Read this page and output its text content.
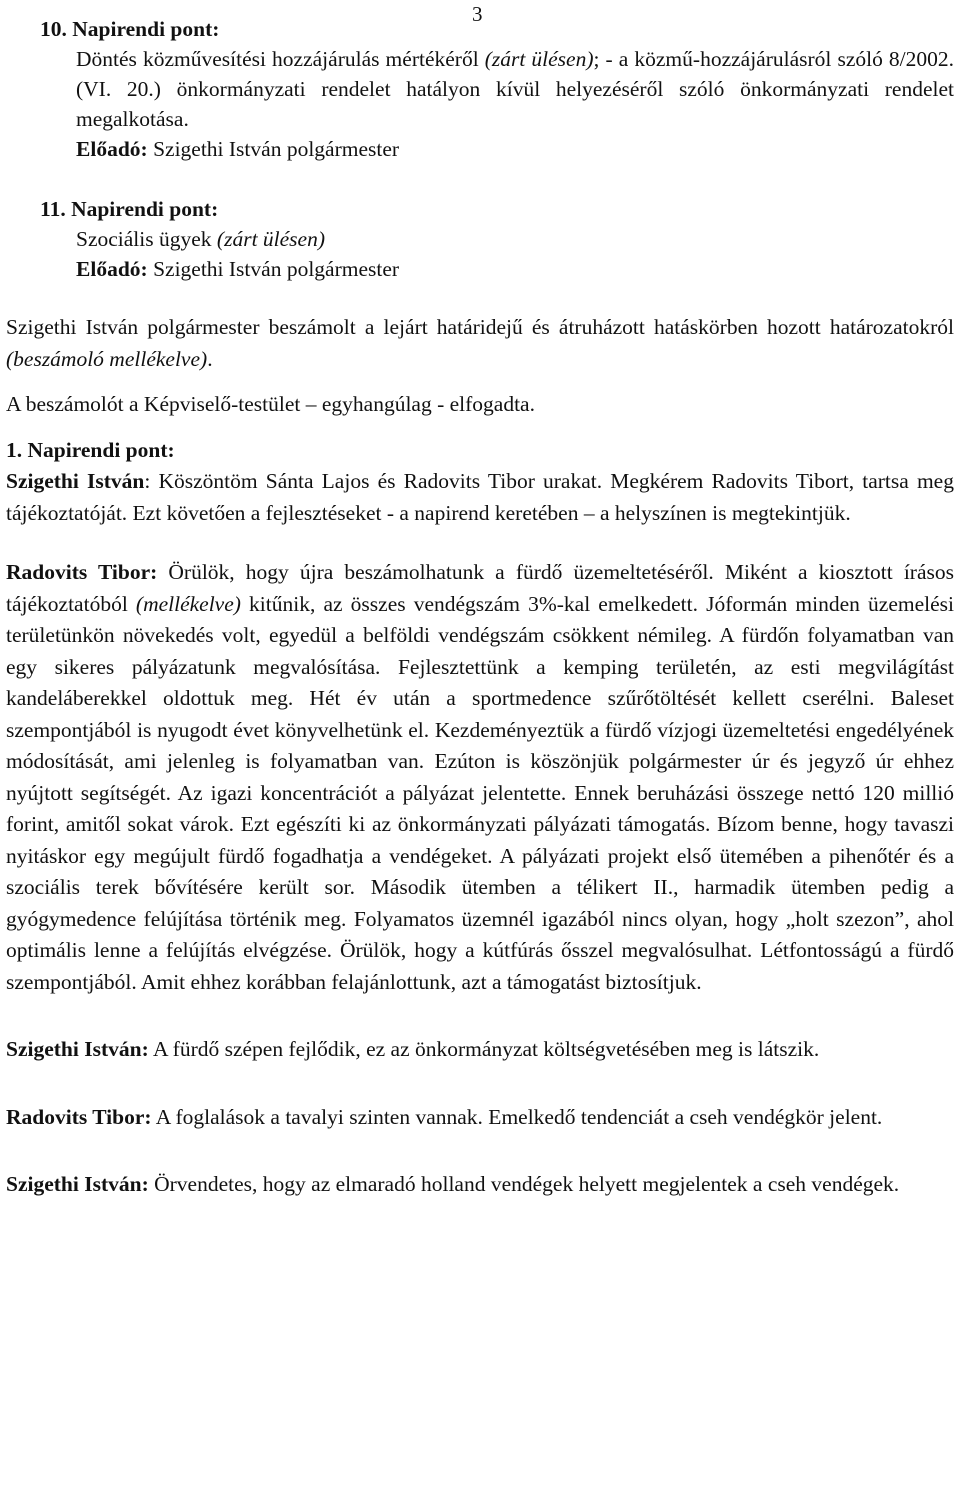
3
10. Napirendi pont:
Döntés közművesítési hozzájárulás mértékéről (zárt ülésen); - a közmű-hozzájárulásról szóló 8/2002.(VI. 20.) önkormányzati rendelet hatályon kívül helyezéséről szóló önkormányzati rendelet megalkotása.
Előadó: Szigethi István polgármester
11. Napirendi pont:
Szociális ügyek (zárt ülésen)
Előadó: Szigethi István polgármester

Szigethi István polgármester beszámolt a lejárt határidejű és átruházott hatáskörben hozott határozatokról (beszámoló mellékelve).

A beszámolót a Képviselő-testület – egyhangúlag - elfogadta.

1. Napirendi pont:

Szigethi István: Köszöntöm Sánta Lajos és Radovits Tibor urakat. Megkérem Radovits Tibort, tartsa meg tájékoztatóját. Ezt követően a fejlesztéseket - a napirend keretében – a helyszínen is megtekintjük.

Radovits Tibor: Örülök, hogy újra beszámolhatunk a fürdő üzemeltetéséről. Miként a kiosztott írásos tájékoztatóból (mellékelve) kitűnik, az összes vendégszám 3%-kal emelkedett. Jóformán minden üzemelési területünkön növekedés volt, egyedül a belföldi vendégszám csökkent némileg. A fürdőn folyamatban van egy sikeres pályázatunk megvalósítása. Fejlesztettünk a kemping területén, az esti megvilágítást kandeláberekkel oldottuk meg. Hét év után a sportmedence szűrőtöltését kellett cserélni. Baleset szempontjából is nyugodt évet könyvelhetünk el. Kezdeményeztük a fürdő vízjogi üzemeltetési engedélyének módosítását, ami jelenleg is folyamatban van. Ezúton is köszönjük polgármester úr és jegyző úr ehhez nyújtott segítségét. Az igazi koncentrációt a pályázat jelentette. Ennek beruházási összege nettó 120 millió forint, amitől sokat várok. Ezt egészíti ki az önkormányzati pályázati támogatás. Bízom benne, hogy tavaszi nyitáskor egy megújult fürdő fogadhatja a vendégeket. A pályázati projekt első ütemében a pihenőtér és a szociális terek bővítésére került sor. Második ütemben a télikert II., harmadik ütemben pedig a gyógymedence felújítása történik meg. Folyamatos üzemnél igazából nincs olyan, hogy „holt szezon”, ahol optimális lenne a felújítás elvégzése. Örülök, hogy a kútfúrás ősszel megvalósulhat. Létfontosságú a fürdő szempontjából. Amit ehhez korábban felajánlottunk, azt a támogatást biztosítjuk.

Szigethi István: A fürdő szépen fejlődik, ez az önkormányzat költségvetésében meg is látszik.

Radovits Tibor: A foglalások a tavalyi szinten vannak. Emelkedő tendenciát a cseh vendégkör jelent.

Szigethi István: Örvendetes, hogy az elmaradó holland vendégek helyett megjelentek a cseh vendégek.
